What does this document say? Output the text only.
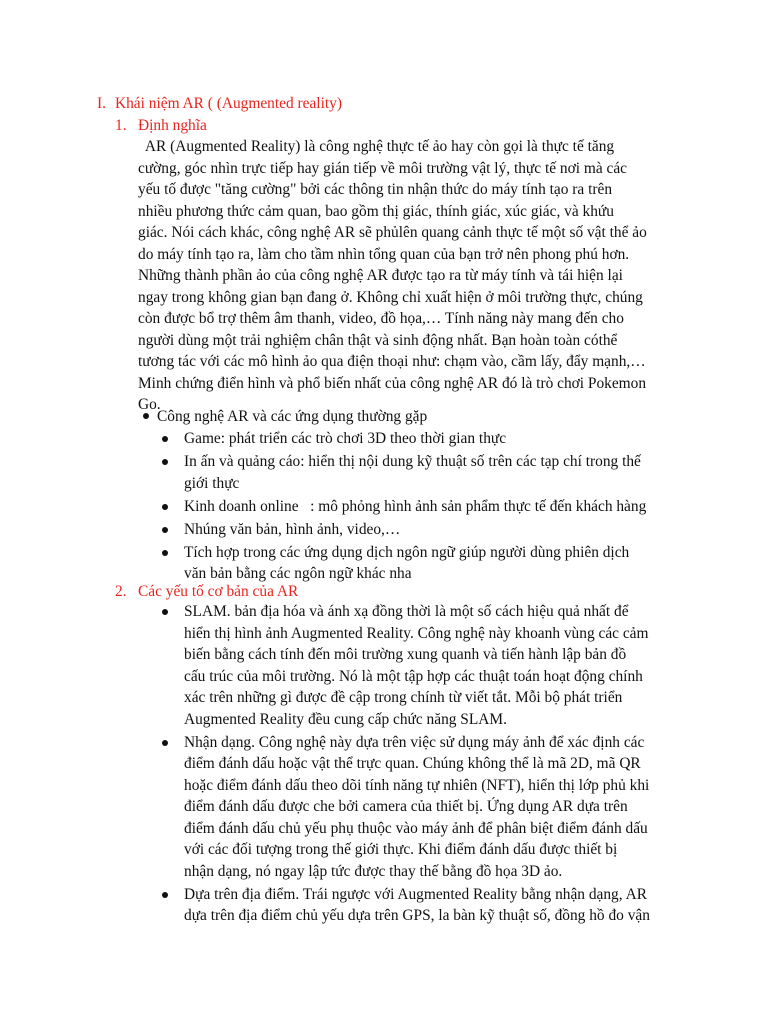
I. Khái niệm AR ( (Augmented reality)
1. Định nghĩa
AR (Augmented Reality) là công nghệ thực tế ảo hay còn gọi là thực tế tăng
cường, góc nhìn trực tiếp hay gián tiếp về môi trường vật lý, thực tế nơi mà các
yếu tố được "tăng cường" bởi các thông tin nhận thức do máy tính tạo ra trên
nhiều phương thức cảm quan, bao gồm thị giác, thính giác, xúc giác, và khứu
giác. Nói cách khác, công nghệ AR sẽ phủlên quang cảnh thực tế một số vật thể ảo
do máy tính tạo ra, làm cho tầm nhìn tổng quan của bạn trở nên phong phú hơn.
Những thành phần ảo của công nghệ AR được tạo ra từ máy tính và tái hiện lại
ngay trong không gian bạn đang ở. Không chỉ xuất hiện ở môi trường thực, chúng
còn được bổ trợ thêm âm thanh, video, đồ họa,… Tính năng này mang đến cho
người dùng một trải nghiệm chân thật và sinh động nhất. Bạn hoàn toàn cóthể
tương tác với các mô hình ảo qua điện thoại như: chạm vào, cầm lấy, đẩy mạnh,…
Minh chứng điển hình và phổ biến nhất của công nghệ AR đó là trò chơi Pokemon
Go.
Công nghệ AR và các ứng dụng thường gặp
Game: phát triển các trò chơi 3D theo thời gian thực
In ấn và quảng cáo: hiển thị nội dung kỹ thuật số trên các tạp chí trong thế
giới thực
Kinh doanh online   : mô phỏng hình ảnh sản phẩm thực tế đến khách hàng
Nhúng văn bản, hình ảnh, video,…
Tích hợp trong các ứng dụng dịch ngôn ngữ giúp người dùng phiên dịch
văn bản bằng các ngôn ngữ khác nha
2. Các yếu tố cơ bản của AR
SLAM. bản địa hóa và ánh xạ đồng thời là một số cách hiệu quả nhất để
hiển thị hình ảnh Augmented Reality. Công nghệ này khoanh vùng các cảm
biến bằng cách tính đến môi trường xung quanh và tiến hành lập bản đồ
cấu trúc của môi trường. Nó là một tập hợp các thuật toán hoạt động chính
xác trên những gì được đề cập trong chính từ viết tắt. Mỗi bộ phát triển
Augmented Reality đều cung cấp chức năng SLAM.
Nhận dạng. Công nghệ này dựa trên việc sử dụng máy ảnh để xác định các
điểm đánh dấu hoặc vật thể trực quan. Chúng không thể là mã 2D, mã QR
hoặc điểm đánh dấu theo dõi tính năng tự nhiên (NFT), hiển thị lớp phủ khi
điểm đánh dấu được che bởi camera của thiết bị. Ứng dụng AR dựa trên
điểm đánh dấu chủ yếu phụ thuộc vào máy ảnh để phân biệt điểm đánh dấu
với các đối tượng trong thế giới thực. Khi điểm đánh dấu được thiết bị
nhận dạng, nó ngay lập tức được thay thế bằng đồ họa 3D ảo.
Dựa trên địa điểm. Trái ngược với Augmented Reality bằng nhận dạng, AR
dựa trên địa điểm chủ yếu dựa trên GPS, la bàn kỹ thuật số, đồng hồ đo vận
